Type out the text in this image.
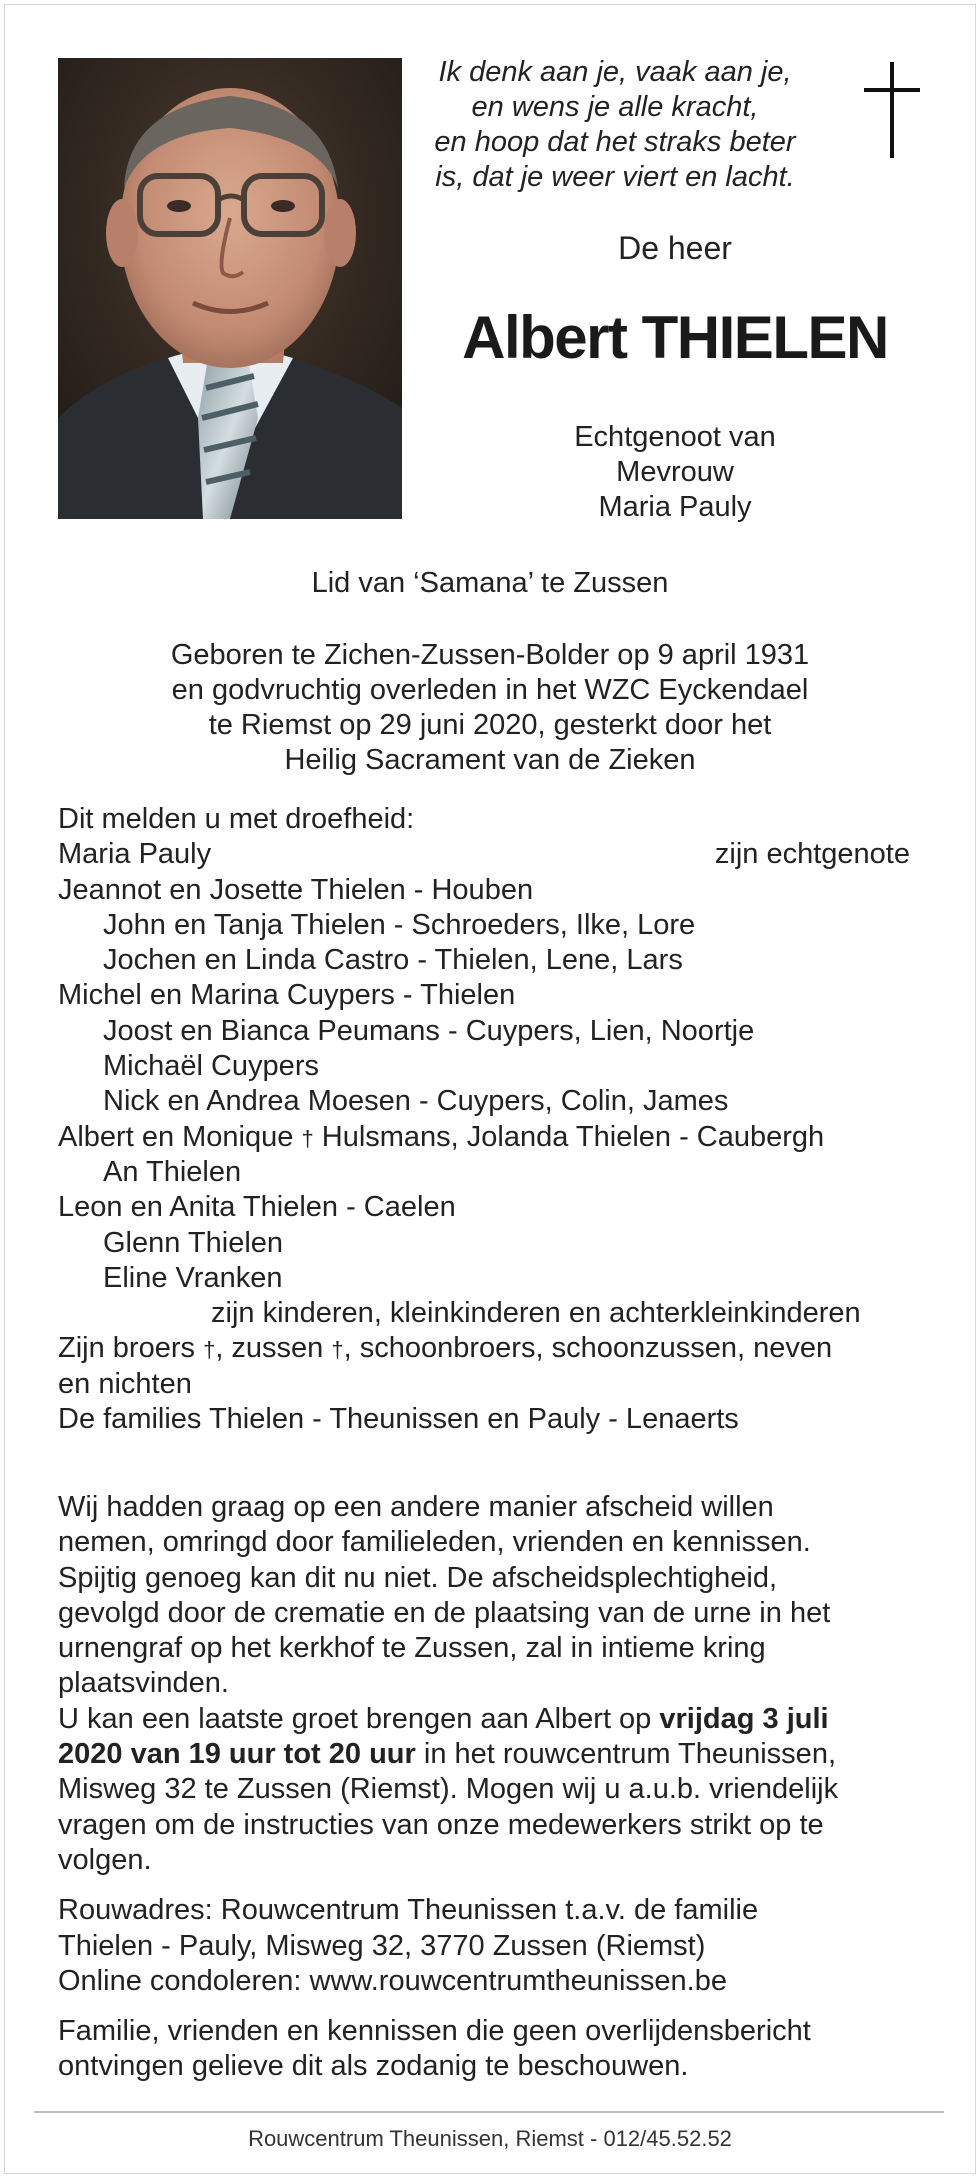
Ik denk aan je, vaak aan je,
en wens je alle kracht,
en hoop dat het straks beter
is, dat je weer viert en lacht.
De heer
Albert THIELEN
Echtgenoot van
Mevrouw
Maria Pauly
Lid van ‘Samana’ te Zussen
Geboren te Zichen-Zussen-Bolder op 9 april 1931
en godvruchtig overleden in het WZC Eyckendael
te Riemst op 29 juni 2020, gesterkt door het
Heilig Sacrament van de Zieken
Dit melden u met droefheid:
Maria Pauly	zijn echtgenote
Jeannot en Josette Thielen - Houben
John en Tanja Thielen - Schroeders, Ilke, Lore
Jochen en Linda Castro - Thielen, Lene, Lars
Michel en Marina Cuypers - Thielen
Joost en Bianca Peumans - Cuypers, Lien, Noortje
Michaël Cuypers
Nick en Andrea Moesen - Cuypers, Colin, James
Albert en Monique † Hulsmans, Jolanda Thielen - Caubergh
An Thielen
Leon en Anita Thielen - Caelen
Glenn Thielen
Eline Vranken
zijn kinderen, kleinkinderen en achterkleinkinderen
Zijn broers †, zussen †, schoonbroers, schoonzussen, neven
en nichten
De families Thielen - Theunissen en Pauly - Lenaerts
Wij hadden graag op een andere manier afscheid willen
nemen, omringd door familieleden, vrienden en kennissen.
Spijtig genoeg kan dit nu niet. De afscheidsplechtigheid,
gevolgd door de crematie en de plaatsing van de urne in het
urnengraf op het kerkhof te Zussen, zal in intieme kring
plaatsvinden.
U kan een laatste groet brengen aan Albert op vrijdag 3 juli
2020 van 19 uur tot 20 uur in het rouwcentrum Theunissen,
Misweg 32 te Zussen (Riemst). Mogen wij u a.u.b. vriendelijk
vragen om de instructies van onze medewerkers strikt op te
volgen.
Rouwadres: Rouwcentrum Theunissen t.a.v. de familie
Thielen - Pauly, Misweg 32, 3770 Zussen (Riemst)
Online condoleren: www.rouwcentrumtheunissen.be
Familie, vrienden en kennissen die geen overlijdensbericht
ontvingen gelieve dit als zodanig te beschouwen.
Rouwcentrum Theunissen, Riemst - 012/45.52.52
